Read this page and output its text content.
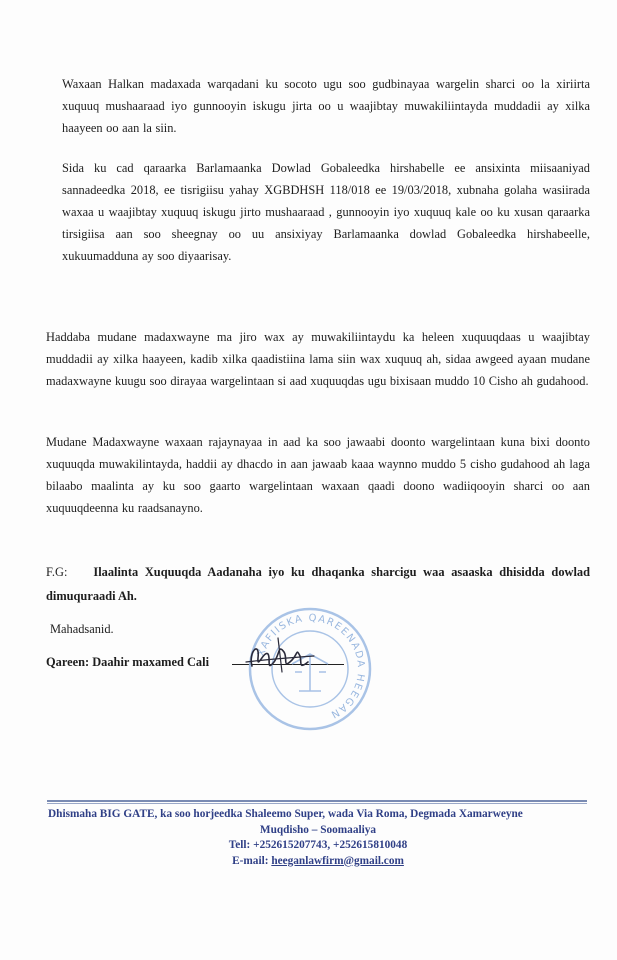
Waxaan Halkan madaxada warqadani ku socoto ugu soo gudbinayaa wargelin sharci oo la xiriirta xuquuq mushaaraad iyo gunnooyin iskugu jirta oo u waajibtay muwakiliintayda muddadii ay xilka haayeen oo aan la siin.

Sida ku cad qaraarka Barlamaanka Dowlad Gobaleedka hirshabelle ee ansixinta miisaaniyad sannadeedka 2018, ee tisrigiisu yahay XGBDHSH 118/018 ee 19/03/2018, xubnaha golaha wasiirada waxaa u waajibtay xuquuq iskugu jirto mushaaraad , gunnooyin iyo xuquuq kale oo ku xusan qaraarka tirsigiisa aan soo sheegnay oo uu ansixiyay Barlamaanka dowlad Gobaleedka hirshabeelle, xukuumadduna ay soo diyaarisay.

Haddaba mudane madaxwayne ma jiro wax ay muwakiliintaydu ka heleen xuquuqdaas u waajibtay muddadii ay xilka haayeen, kadib xilka qaadistiina lama siin wax xuquuq ah, sidaa awgeed ayaan mudane madaxwayne kuugu soo dirayaa wargelintaan si aad xuquuqdas ugu bixisaan muddo 10 Cisho ah gudahood.

Mudane Madaxwayne waxaan rajaynayaa in aad ka soo jawaabi doonto wargelintaan kuna bixi doonto xuquuqda muwakilintayda, haddii ay dhacdo in aan jawaab kaaa waynno muddo 5 cisho gudahood ah laga bilaabo maalinta ay ku soo gaarto wargelintaan waxaan qaadi doono wadiiqooyin sharci oo aan xuquuqdeenna ku raadsanayno.

F.G: Ilaalinta Xuquuqda Aadanaha iyo ku dhaqanka sharcigu waa asaaska dhisidda dowlad dimuquraadi Ah.

Mahadsanid.
Qareen: Daahir maxamed Cali
XAFIISKA QAREENADA HEEGAN
Dhismaha BIG GATE, ka soo horjeedka Shaleemo Super, wada Via Roma, Degmada Xamarweyne
Muqdisho – Soomaaliya
Tell: +252615207743, +252615810048
E-mail: heeganlawfirm@gmail.com
